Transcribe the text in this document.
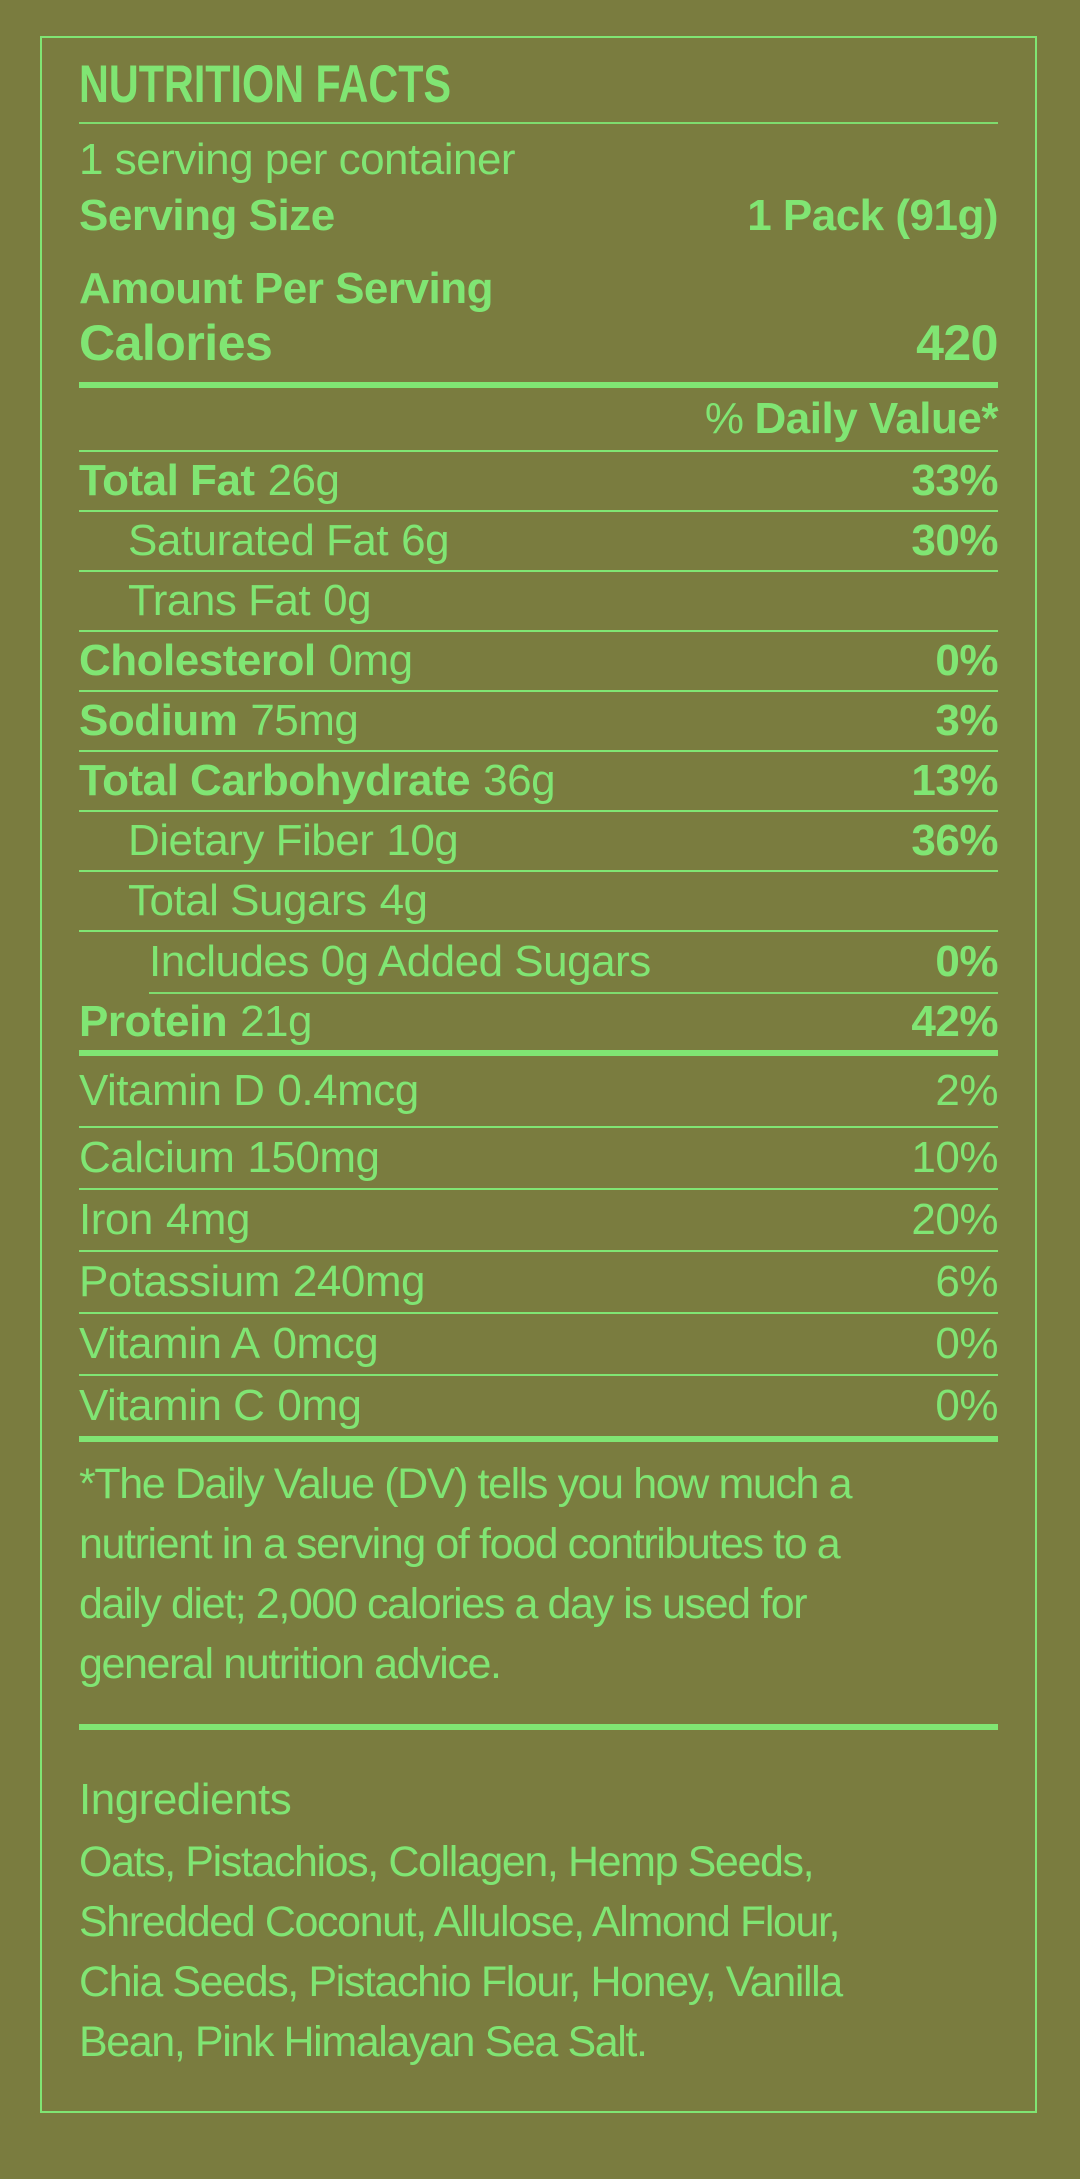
NUTRITION FACTS
1 serving per container
Serving Size	1 Pack (91g)
Amount Per Serving
Calories	420
% Daily Value*
Total Fat 26g	33%
Saturated Fat 6g	30%
Trans Fat 0g
Cholesterol 0mg	0%
Sodium 75mg	3%
Total Carbohydrate 36g	13%
Dietary Fiber 10g	36%
Total Sugars 4g
Includes 0g Added Sugars	0%
Protein 21g	42%
Vitamin D 0.4mcg	2%
Calcium 150mg	10%
Iron 4mg	20%
Potassium 240mg	6%
Vitamin A 0mcg	0%
Vitamin C 0mg	0%
*The Daily Value (DV) tells you how much a
nutrient in a serving of food contributes to a
daily diet; 2,000 calories a day is used for
general nutrition advice.
Ingredients
Oats, Pistachios, Collagen, Hemp Seeds,
Shredded Coconut, Allulose, Almond Flour,
Chia Seeds, Pistachio Flour, Honey, Vanilla
Bean, Pink Himalayan Sea Salt.
